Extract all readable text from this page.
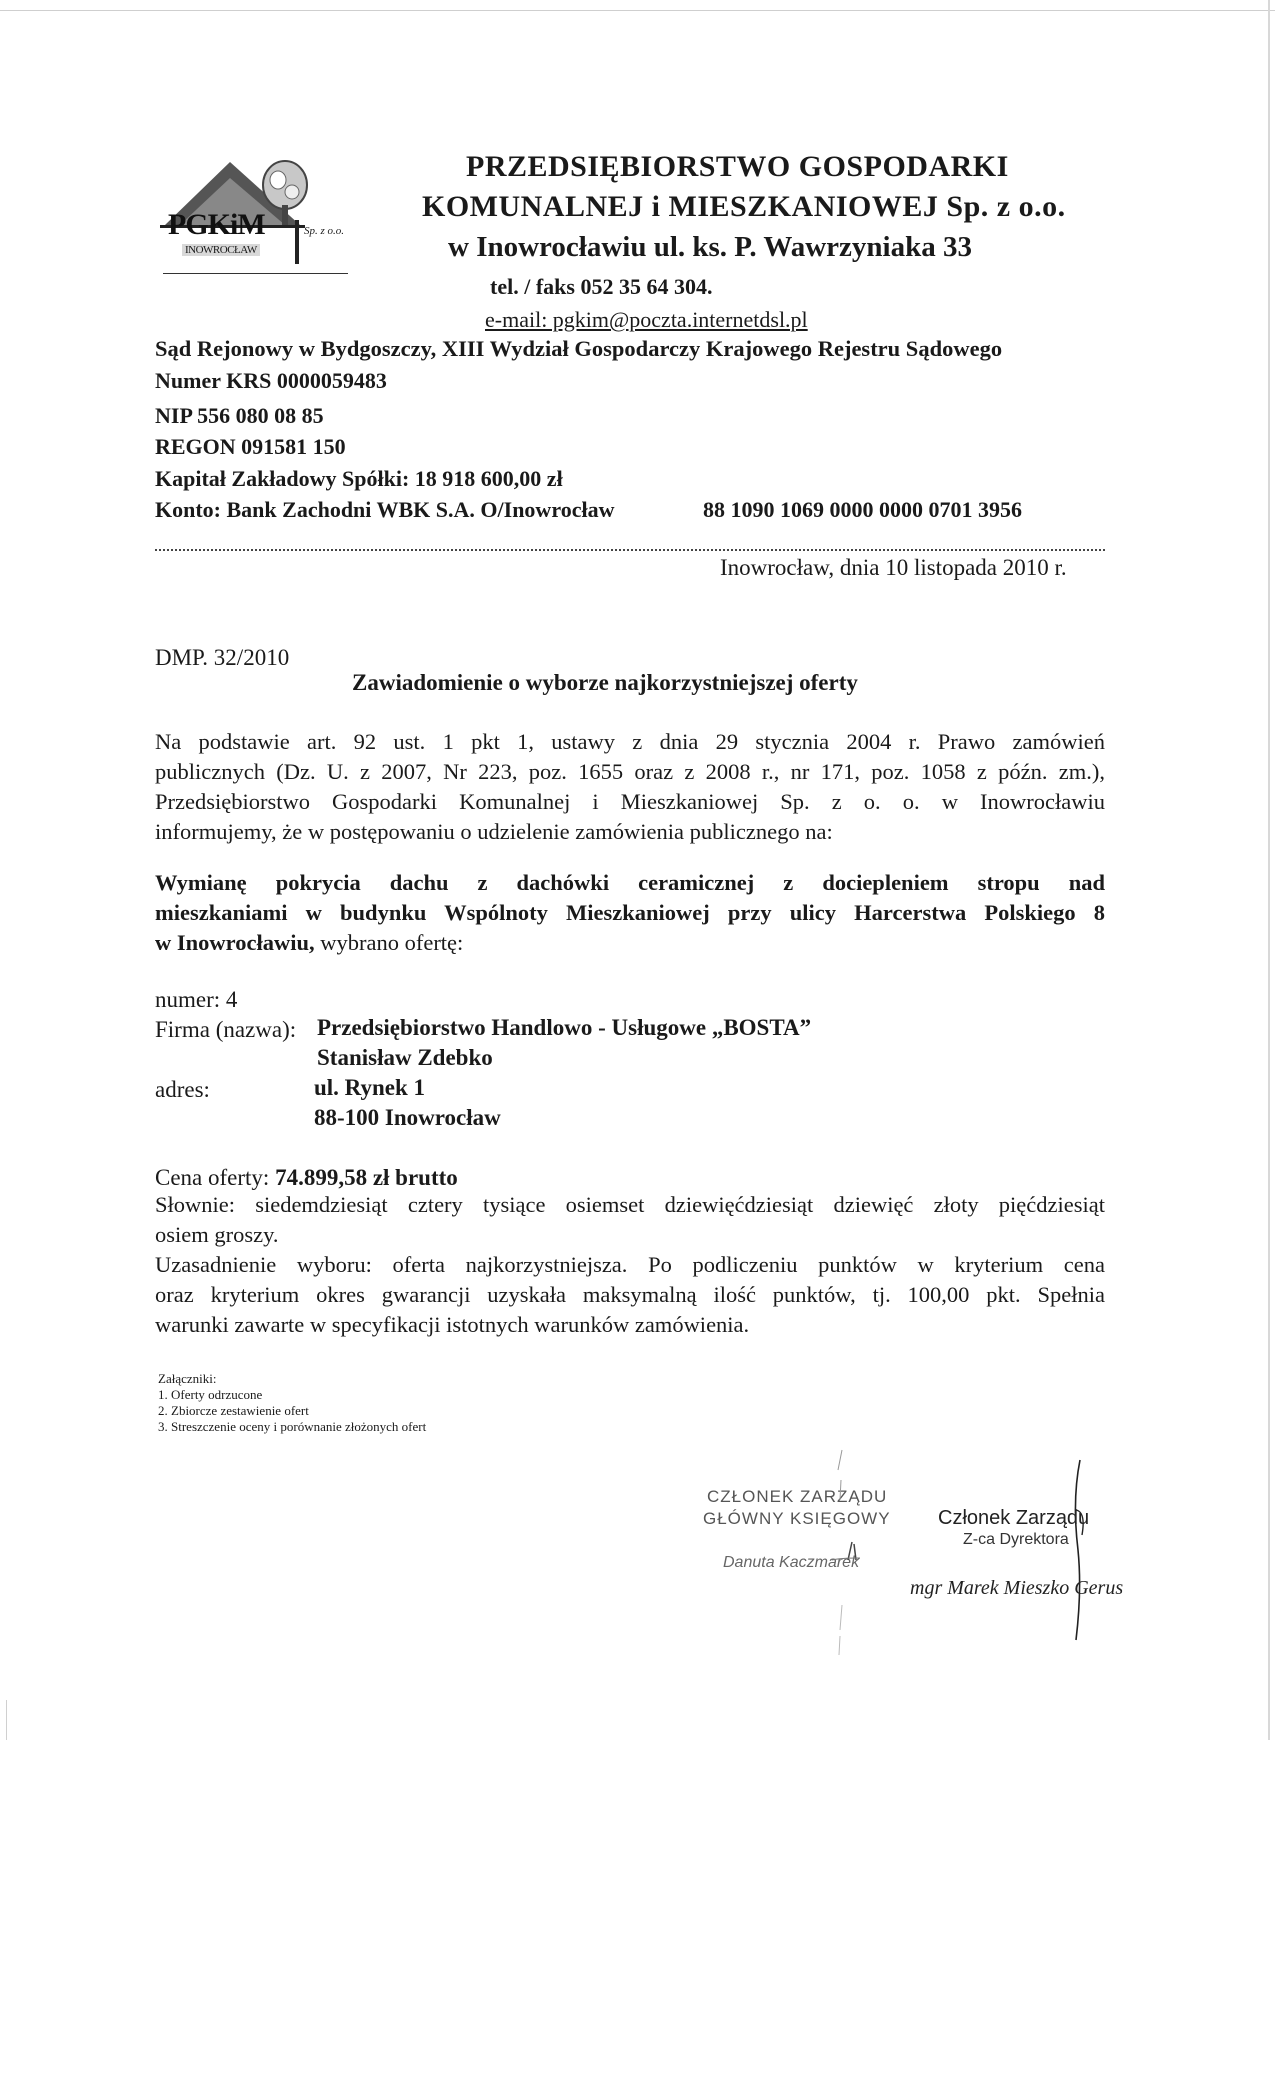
PGKiM	Sp. z o.o.
INOWROCŁAW
PRZEDSIĘBIORSTWO GOSPODARKI
KOMUNALNEJ i MIESZKANIOWEJ Sp. z o.o.
w Inowrocławiu ul. ks. P. Wawrzyniaka 33
tel. / faks 052 35 64 304.
e-mail: pgkim@poczta.internetdsl.pl
Sąd Rejonowy w Bydgoszczy, XIII Wydział Gospodarczy Krajowego Rejestru Sądowego
Numer KRS 0000059483
NIP 556 080 08 85
REGON 091581 150
Kapitał Zakładowy Spółki: 18 918 600,00 zł
Konto: Bank Zachodni WBK S.A. O/Inowrocław	88 1090 1069 0000 0000 0701 3956
Inowrocław, dnia 10 listopada 2010 r.
DMP. 32/2010
Zawiadomienie o wyborze najkorzystniejszej oferty
Na podstawie art. 92 ust. 1 pkt 1, ustawy z dnia 29 stycznia 2004 r. Prawo zamówień
publicznych (Dz. U. z 2007, Nr 223, poz. 1655 oraz z 2008 r., nr 171, poz. 1058 z późn. zm.),
Przedsiębiorstwo Gospodarki Komunalnej i Mieszkaniowej Sp. z o. o. w Inowrocławiu
informujemy, że w postępowaniu o udzielenie zamówienia publicznego na:
Wymianę pokrycia dachu z dachówki ceramicznej z dociepleniem stropu nad
mieszkaniami w budynku Wspólnoty Mieszkaniowej przy ulicy Harcerstwa Polskiego 8
w Inowrocławiu, wybrano ofertę:
numer: 4
Firma (nazwa): Przedsiębiorstwo Handlowo - Usługowe „BOSTA”
Stanisław Zdebko
adres:	ul. Rynek 1
88-100 Inowrocław
Cena oferty: 74.899,58 zł brutto
Słownie: siedemdziesiąt cztery tysiące osiemset dziewięćdziesiąt dziewięć złoty pięćdziesiąt
osiem groszy.
Uzasadnienie wyboru: oferta najkorzystniejsza. Po podliczeniu punktów w kryterium cena
oraz kryterium okres gwarancji uzyskała maksymalną ilość punktów, tj. 100,00 pkt. Spełnia
warunki zawarte w specyfikacji istotnych warunków zamówienia.
Załączniki:
1. Oferty odrzucone
2. Zbiorcze zestawienie ofert
3. Streszczenie oceny i porównanie złożonych ofert
CZŁONEK ZARZĄDU
GŁÓWNY KSIĘGOWY
Danuta Kaczmarek
Członek Zarządu
Z-ca Dyrektora
mgr Marek Mieszko Gerus
